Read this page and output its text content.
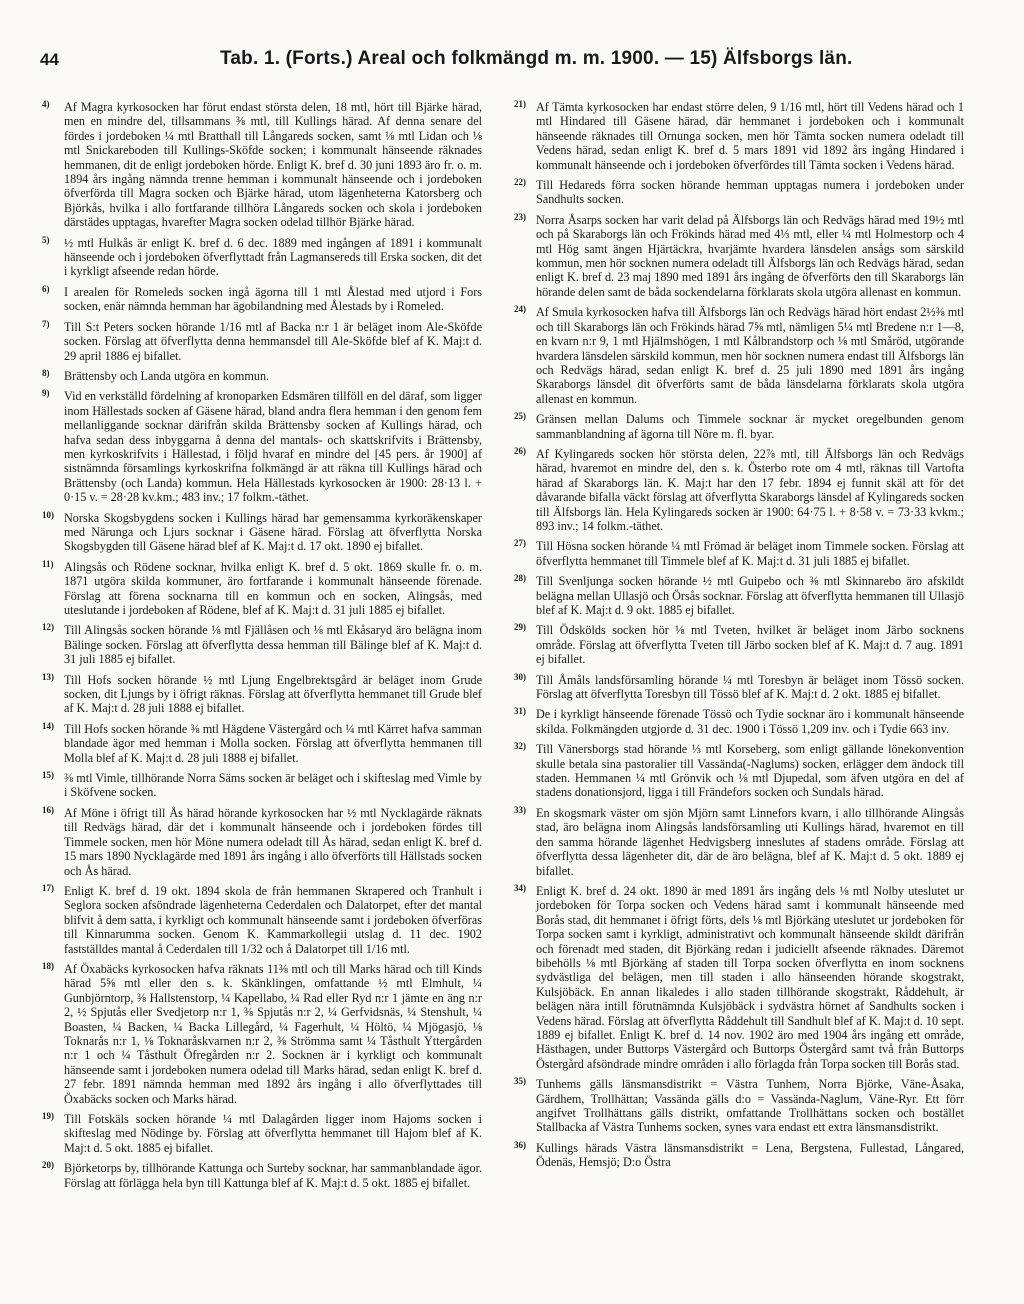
44	Tab. 1. (Forts.) Areal och folkmängd m. m. 1900. — 15) Älfsborgs län.
4) Af Magra kyrkosocken har förut endast största delen, 18 mtl, hört till Bjärke härad, men en mindre del, tillsammans ⅜ mtl, till Kullings härad. Af denna senare del fördes i jordeboken ¼ mtl Bratthall till Långareds socken, samt ⅛ mtl Lidan och ⅛ mtl Snickareboden till Kullings-Sköfde socken; i kommunalt hänseende räknades hemmanen, dit de enligt jordeboken hörde. Enligt K. bref d. 30 juni 1893 äro fr. o. m. 1894 års ingång nämnda trenne hemman i kommunalt hänseende och i jordeboken öfverförda till Magra socken och Bjärke härad, utom lägenheterna Katorsberg och Björkås, hvilka i allo fortfarande tillhöra Långareds socken och skola i jordeboken därstädes upptagas, hvarefter Magra socken odelad tillhör Bjärke härad.
5) ½ mtl Hulkås är enligt K. bref d. 6 dec. 1889 med ingången af 1891 i kommunalt hänseende och i jordeboken öfverflyttadt från Lagmansereds till Erska socken, dit det i kyrkligt afseende redan hörde.
6) I arealen för Romeleds socken ingå ägorna till 1 mtl Ålestad med utjord i Fors socken, enär nämnda hemman har ägobilandning med Ålestads by i Romeled.
7) Till S:t Peters socken hörande 1/16 mtl af Backa n:r 1 är beläget inom Ale-Sköfde socken. Förslag att öfverflytta denna hemmansdel till Ale-Sköfde blef af K. Maj:t d. 29 april 1886 ej bifallet.
8) Brättensby och Landa utgöra en kommun.
9) Vid en verkställd fördelning af kronoparken Edsmären tillföll en del däraf, som ligger inom Hällestads socken af Gäsene härad, bland andra flera hemman i den genom fem mellanliggande socknar därifrån skilda Brättensby socken af Kullings härad, och hafva sedan dess inbyggarna å denna del mantals- och skattskrifvits i Brättensby, men kyrkoskrifvits i Hällestad, i följd hvaraf en mindre del [45 pers. år 1900] af sistnämnda församlings kyrkoskrifna folkmängd är att räkna till Kullings härad och Brättensby (och Landa) kommun. Hela Hällestads kyrkosocken är 1900: 28·13 l. + 0·15 v. = 28·28 kv.km.; 483 inv.; 17 folkm.-täthet.
10) Norska Skogsbygdens socken i Kullings härad har gemensamma kyrkoräkenskaper med Närunga och Ljurs socknar i Gäsene härad. Förslag att öfverflytta Norska Skogsbygden till Gäsene härad blef af K. Maj:t d. 17 okt. 1890 ej bifallet.
11) Alingsås och Rödene socknar, hvilka enligt K. bref d. 5 okt. 1869 skulle fr. o. m. 1871 utgöra skilda kommuner, äro fortfarande i kommunalt hänseende förenade. Förslag att förena socknarna till en kommun och en socken, Alingsås, med uteslutande i jordeboken af Rödene, blef af K. Maj:t d. 31 juli 1885 ej bifallet.
12) Till Alingsås socken hörande ⅛ mtl Fjällåsen och ⅛ mtl Ekåsaryd äro belägna inom Bälinge socken. Förslag att öfverflytta dessa hemman till Bälinge blef af K. Maj:t d. 31 juli 1885 ej bifallet.
13) Till Hofs socken hörande ½ mtl Ljung Engelbrektsgård är beläget inom Grude socken, dit Ljungs by i öfrigt räknas. Förslag att öfverflytta hemmanet till Grude blef af K. Maj:t d. 28 juli 1888 ej bifallet.
14) Till Hofs socken hörande ⅜ mtl Hägdene Västergård och ¼ mtl Kärret hafva samman blandade ägor med hemman i Molla socken. Förslag att öfverflytta hemmanen till Molla blef af K. Maj:t d. 28 juli 1888 ej bifallet.
15) ⅜ mtl Vimle, tillhörande Norra Säms socken är beläget och i skifteslag med Vimle by i Sköfvene socken.
16) Af Möne i öfrigt till Ås härad hörande kyrkosocken har ½ mtl Nycklagärde räknats till Redvägs härad, där det i kommunalt hänseende och i jordeboken fördes till Timmele socken, men hör Möne numera odeladt till Ås härad, sedan enligt K. bref d. 15 mars 1890 Nycklagärde med 1891 års ingång i allo öfverförts till Hällstads socken och Ås härad.
17) Enligt K. bref d. 19 okt. 1894 skola de från hemmanen Skrapered och Tranhult i Seglora socken afsöndrade lägenheterna Cederdalen och Dalatorpet, efter det mantal blifvit å dem satta, i kyrkligt och kommunalt hänseende samt i jordeboken öfverföras till Kinnarumma socken. Genom K. Kammarkollegii utslag d. 11 dec. 1902 fastställdes mantal å Cederdalen till 1/32 och å Dalatorpet till 1/16 mtl.
18) Af Öxabäcks kyrkosocken hafva räknats 11⅜ mtl och till Marks härad och till Kinds härad 5⅝ mtl eller den s. k. Skänklingen, omfattande ½ mtl Elmhult, ¼ Gunbjörntorp, ⅜ Hallstenstorp, ¼ Kapellabo, ¼ Rad eller Ryd n:r 1 jämte en äng n:r 2, ½ Spjutås eller Svedjetorp n:r 1, ⅜ Spjutås n:r 2, ¼ Gerfvidsnäs, ¼ Stenshult, ¼ Boasten, ¼ Backen, ¼ Backa Lillegård, ¼ Fagerhult, ¼ Höltö, ¼ Mjögasjö, ⅛ Toknarås n:r 1, ⅛ Toknaråskvarnen n:r 2, ⅜ Strömma samt ¼ Tåsthult Yttergården n:r 1 och ¼ Tåsthult Öfregården n:r 2. Socknen är i kyrkligt och kommunalt hänseende samt i jordeboken numera odelad till Marks härad, sedan enligt K. bref d. 27 febr. 1891 nämnda hemman med 1892 års ingång i allo öfverflyttades till Öxabäcks socken och Marks härad.
19) Till Fotskäls socken hörande ¼ mtl Dalagården ligger inom Hajoms socken i skifteslag med Nödinge by. Förslag att öfverflytta hemmanet till Hajom blef af K. Maj:t d. 5 okt. 1885 ej bifallet.
20) Björketorps by, tillhörande Kattunga och Surteby socknar, har sammanblandade ägor. Förslag att förlägga hela byn till Kattunga blef af K. Maj:t d. 5 okt. 1885 ej bifallet.
21) Af Tämta kyrkosocken har endast större delen, 9 1/16 mtl, hört till Vedens härad och 1 mtl Hindared till Gäsene härad, där hemmanet i jordeboken och i kommunalt hänseende räknades till Ornunga socken, men hör Tämta socken numera odeladt till Vedens härad, sedan enligt K. bref d. 5 mars 1891 vid 1892 års ingång Hindared i kommunalt hänseende och i jordeboken öfverfördes till Tämta socken i Vedens härad.
22) Till Hedareds förra socken hörande hemman upptagas numera i jordeboken under Sandhults socken.
23) Norra Åsarps socken har varit delad på Älfsborgs län och Redvägs härad med 19½ mtl och på Skaraborgs län och Frökinds härad med 4⅓ mtl, eller ¼ mtl Holmestorp och 4 mtl Hög samt ängen Hjärtäckra, hvarjämte hvardera länsdelen ansågs som särskild kommun, men hör socknen numera odeladt till Älfsborgs län och Redvägs härad, sedan enligt K. bref d. 23 maj 1890 med 1891 års ingång de öfverförts den till Skaraborgs län hörande delen samt de båda sockendelarna förklarats skola utgöra allenast en kommun.
24) Af Smula kyrkosocken hafva till Älfsborgs län och Redvägs härad hört endast 2½⅜ mtl och till Skaraborgs län och Frökinds härad 7⅝ mtl, nämligen 5¼ mtl Bredene n:r 1—8, en kvarn n:r 9, 1 mtl Hjälmshögen, 1 mtl Kålbrandstorp och ⅛ mtl Småröd, utgörande hvardera länsdelen särskild kommun, men hör socknen numera endast till Älfsborgs län och Redvägs härad, sedan enligt K. bref d. 25 juli 1890 med 1891 års ingång Skaraborgs länsdel dit öfverförts samt de båda länsdelarna förklarats skola utgöra allenast en kommun.
25) Gränsen mellan Dalums och Timmele socknar är mycket oregelbunden genom sammanblandning af ägorna till Nöre m. fl. byar.
26) Af Kylingareds socken hör största delen, 22⅞ mtl, till Älfsborgs län och Redvägs härad, hvaremot en mindre del, den s. k. Österbo rote om 4 mtl, räknas till Vartofta härad af Skaraborgs län. K. Maj:t har den 17 febr. 1894 ej funnit skäl att för det dåvarande bifalla väckt förslag att öfverflytta Skaraborgs länsdel af Kylingareds socken till Älfsborgs län. Hela Kylingareds socken är 1900: 64·75 l. + 8·58 v. = 73·33 kvkm.; 893 inv.; 14 folkm.-täthet.
27) Till Hösna socken hörande ¼ mtl Frömad är beläget inom Timmele socken. Förslag att öfverflytta hemmanet till Timmele blef af K. Maj:t d. 31 juli 1885 ej bifallet.
28) Till Svenljunga socken hörande ½ mtl Guipebo och ⅜ mtl Skinnarebo äro afskildt belägna mellan Ullasjö och Örsås socknar. Förslag att öfverflytta hemmanen till Ullasjö blef af K. Maj:t d. 9 okt. 1885 ej bifallet.
29) Till Ödskölds socken hör ⅛ mtl Tveten, hvilket är beläget inom Järbo socknens område. Förslag att öfverflytta Tveten till Järbo socken blef af K. Maj:t d. 7 aug. 1891 ej bifallet.
30) Till Åmåls landsförsamling hörande ¼ mtl Toresbyn är beläget inom Tössö socken. Förslag att öfverflytta Toresbyn till Tössö blef af K. Maj:t d. 2 okt. 1885 ej bifallet.
31) De i kyrkligt hänseende förenade Tössö och Tydie socknar äro i kommunalt hänseende skilda. Folkmängden utgjorde d. 31 dec. 1900 i Tössö 1,209 inv. och i Tydie 663 inv.
32) Till Vänersborgs stad hörande ⅓ mtl Korseberg, som enligt gällande lönekonvention skulle betala sina pastoralier till Vassända(-Naglums) socken, erlägger dem ändock till staden. Hemmanen ¼ mtl Grönvik och ⅛ mtl Djupedal, som äfven utgöra en del af stadens donationsjord, ligga i till Frändefors socken och Sundals härad.
33) En skogsmark väster om sjön Mjörn samt Linnefors kvarn, i allo tillhörande Alingsås stad, äro belägna inom Alingsås landsförsamling uti Kullings härad, hvaremot en till den samma hörande lägenhet Hedvigsberg inneslutes af stadens område. Förslag att öfverflytta dessa lägenheter dit, där de äro belägna, blef af K. Maj:t d. 5 okt. 1889 ej bifallet.
34) Enligt K. bref d. 24 okt. 1890 är med 1891 års ingång dels ⅛ mtl Nolby uteslutet ur jordeboken för Torpa socken och Vedens härad samt i kommunalt hänseende med Borås stad, dit hemmanet i öfrigt förts, dels ⅛ mtl Björkäng uteslutet ur jordeboken för Torpa socken samt i kyrkligt, administrativt och kommunalt hänseende skildt därifrån och förenadt med staden, dit Björkäng redan i judiciellt afseende räknades. Däremot bibehölls ⅛ mtl Björkäng af staden till Torpa socken öfverflytta en inom socknens sydvästliga del belägen, men till staden i allo hänseenden hörande skogstrakt, Kulsjöbäck. En annan likaledes i allo staden tillhörande skogstrakt, Råddehult, är belägen nära intill förutnämnda Kulsjöbäck i sydvästra hörnet af Sandhults socken i Vedens härad. Förslag att öfverflytta Råddehult till Sandhult blef af K. Maj:t d. 10 sept. 1889 ej bifallet. Enligt K. bref d. 14 nov. 1902 äro med 1904 års ingång ett område, Hästhagen, under Buttorps Västergård och Buttorps Östergård samt två från Buttorps Östergård afsöndrade mindre områden i allo förlagda från Torpa socken till Borås stad.
35) Tunhems gälls länsmansdistrikt = Västra Tunhem, Norra Björke, Väne-Åsaka, Gärdhem, Trollhättan; Vassända gälls d:o = Vassända-Naglum, Väne-Ryr. Ett förr angifvet Trollhättans gälls distrikt, omfattande Trollhättans socken och bostället Stallbacka af Västra Tunhems socken, synes vara endast ett extra länsmansdistrikt.
36) Kullings härads Västra länsmansdistrikt = Lena, Bergstena, Fullestad, Långared, Ödenäs, Hemsjö; D:o Östra
